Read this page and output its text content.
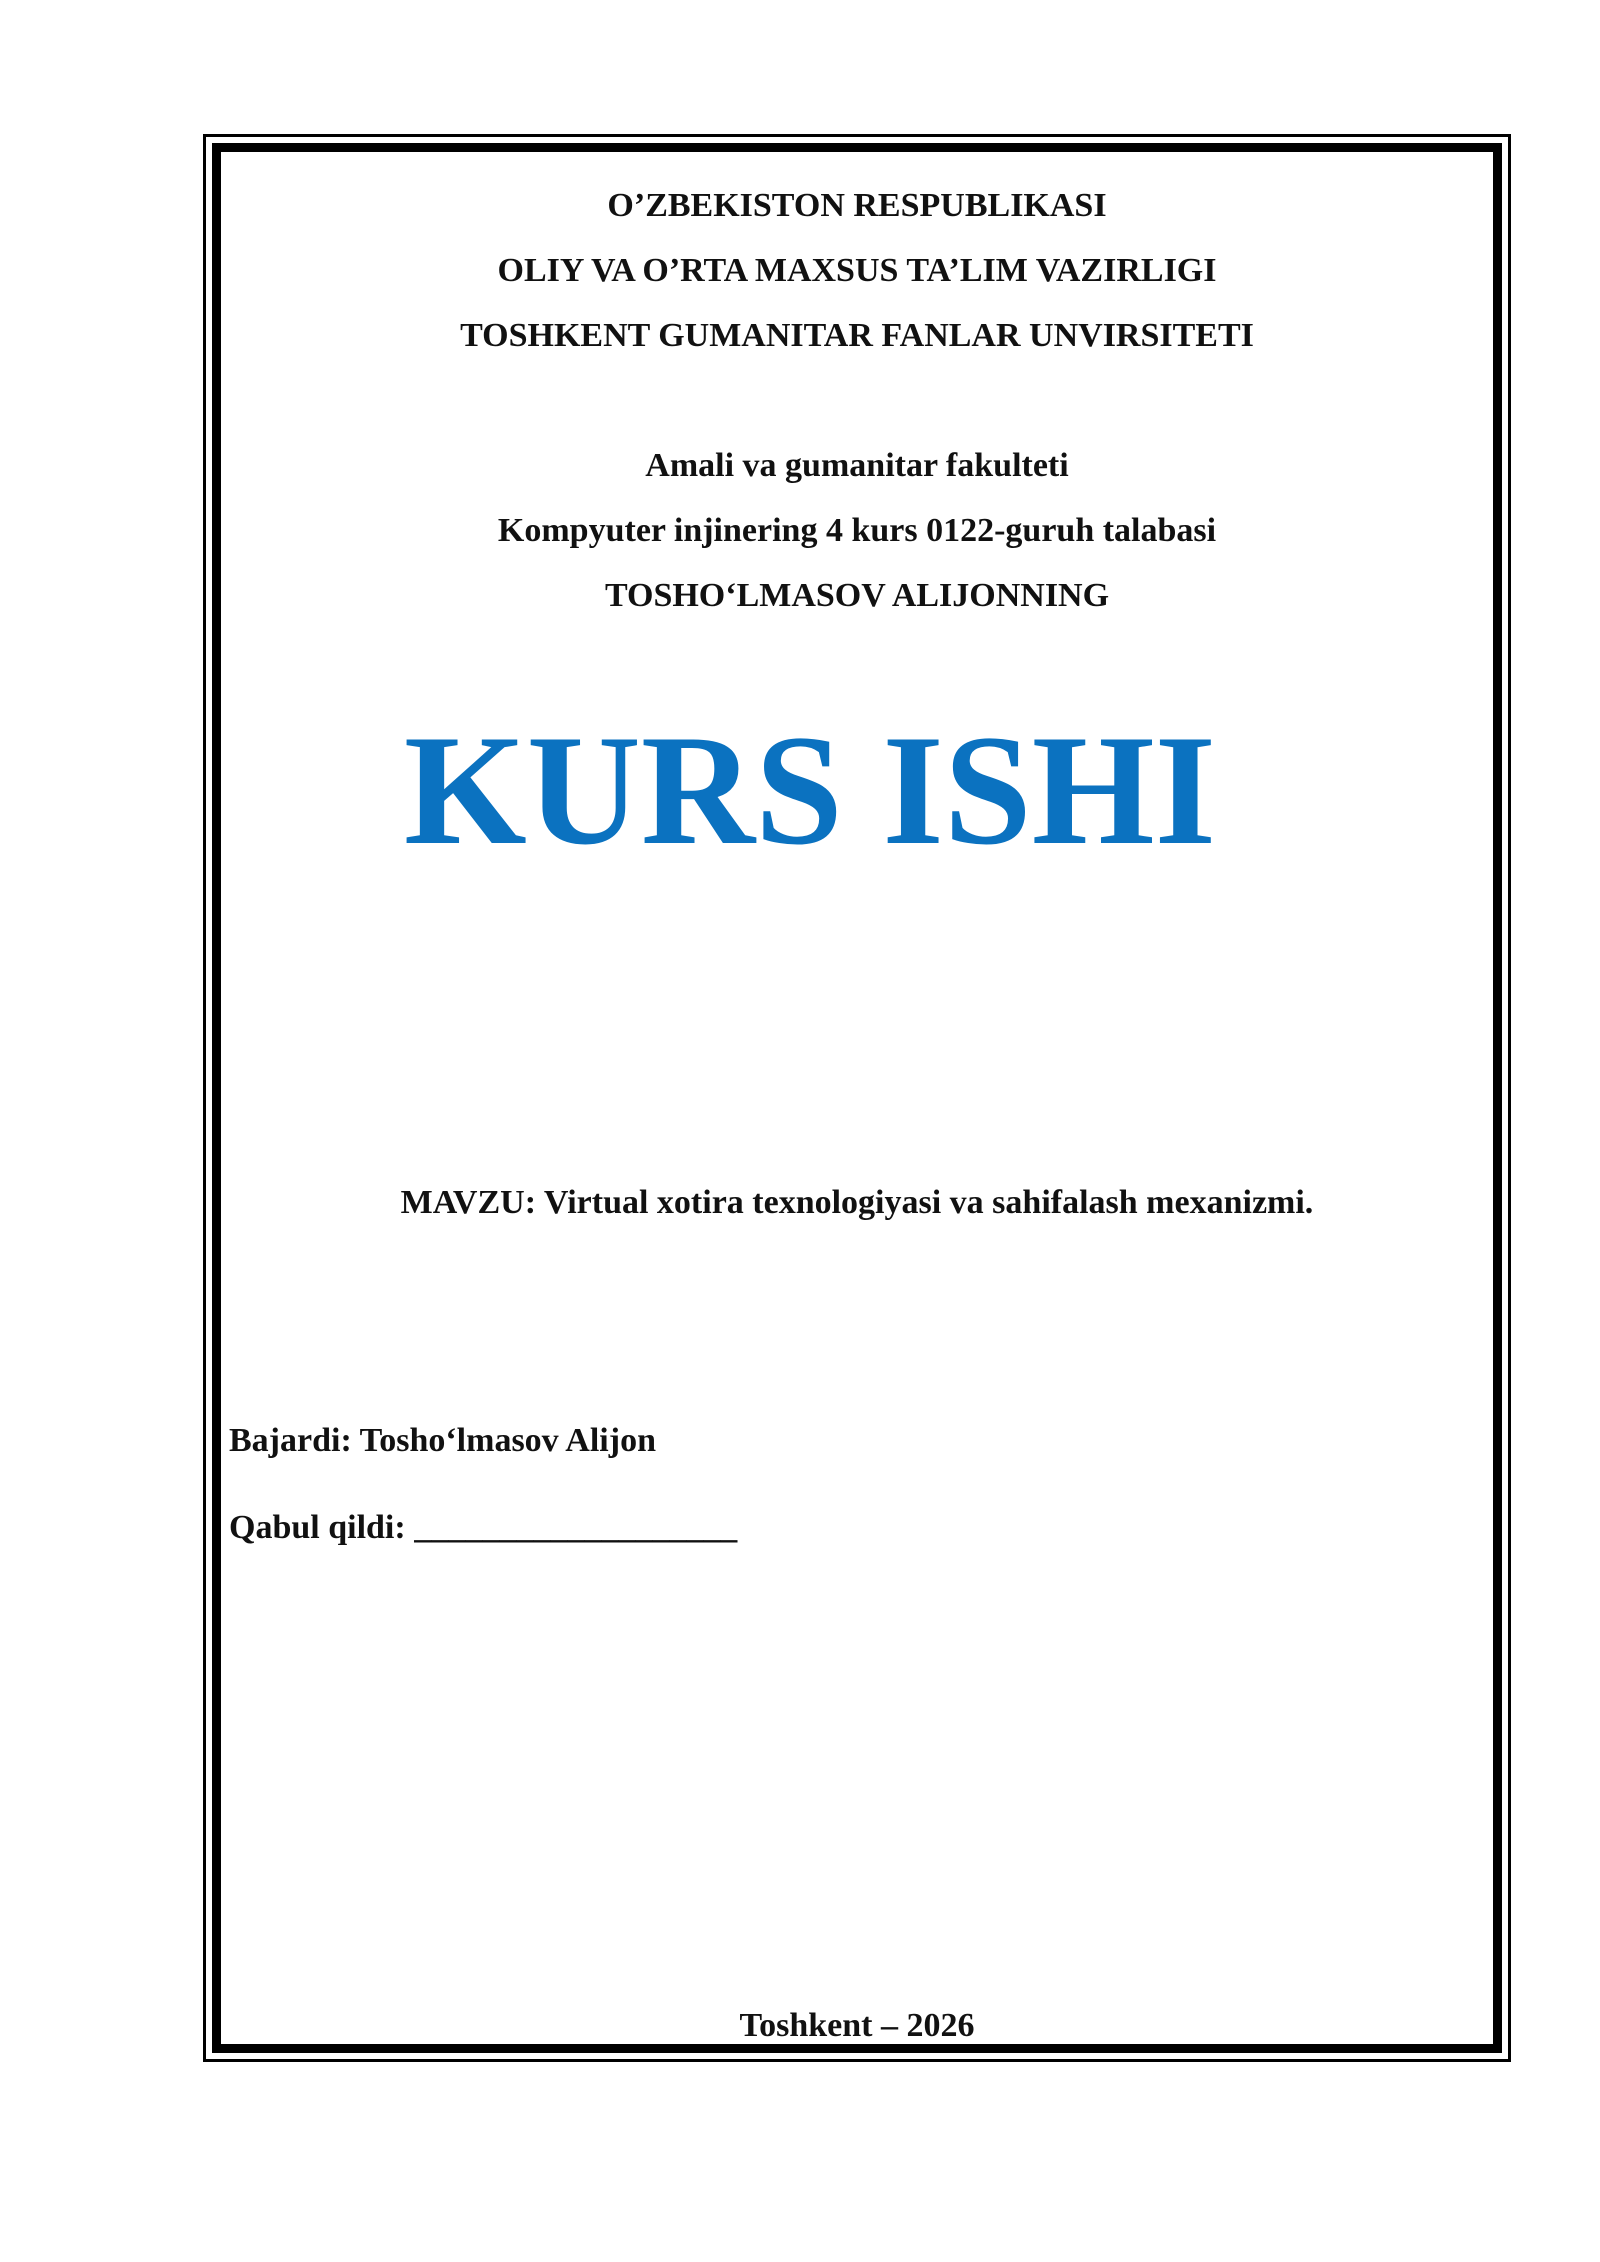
O’ZBEKISTON RESPUBLIKASI

OLIY VA O’RTA MAXSUS TA’LIM VAZIRLIGI

TOSHKENT GUMANITAR FANLAR UNVIRSITETI

Amali va gumanitar fakulteti

Kompyuter injinering 4 kurs 0122-guruh talabasi

TOSHO‘LMASOV ALIJONNING

KURS ISHI

MAVZU: Virtual xotira texnologiyasi va sahifalash mexanizmi.

Bajardi: Tosho‘lmasov Alijon

Qabul qildi: ___________________

Toshkent – 2026
